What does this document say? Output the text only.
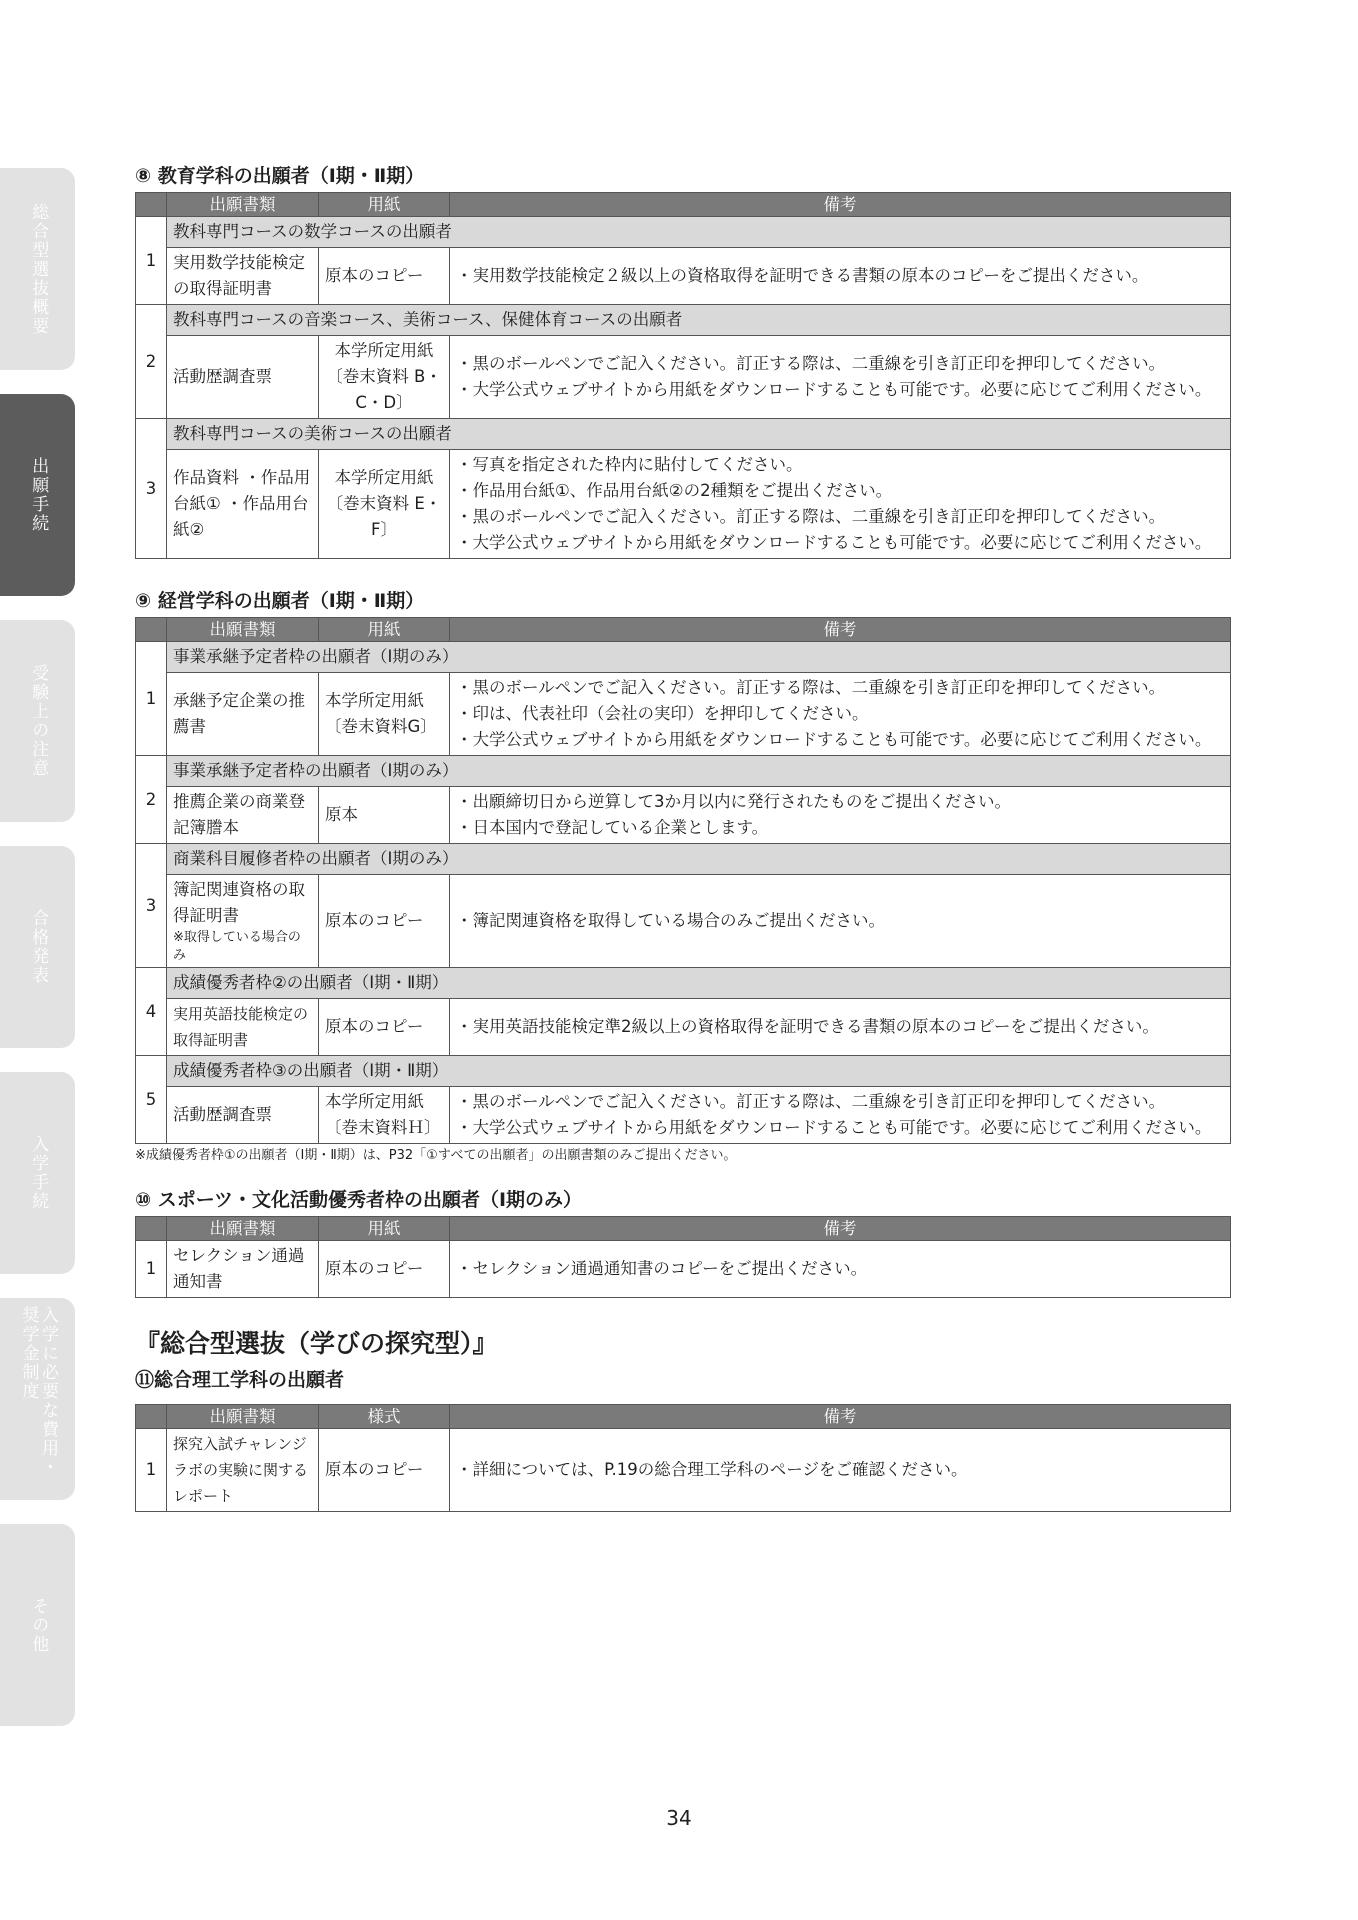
総合型選抜概要
出願手続
受験上の注意
合格発表
入学手続
入学に必要な費用・奨学金制度
その他
⑧ 教育学科の出願者（Ⅰ期・Ⅱ期）
	出願書類	用紙	備考
1	教科専門コースの数学コースの出願者		
	実用数学技能検定の取得証明書	原本のコピー	・実用数学技能検定２級以上の資格取得を証明できる書類の原本のコピーをご提出ください。

2	教科専門コースの音楽コース、美術コース、保健体育コースの出願者		
	活動歴調査票	本学所定用紙〔巻末資料 B・C・D〕	・黒のボールペンでご記入ください。訂正する際は、二重線を引き訂正印を押印してください。
・大学公式ウェブサイトから用紙をダウンロードすることも可能です。必要に応じてご利用ください。

3	教科専門コースの美術コースの出願者		
	作品資料 ・作品用台紙① ・作品用台紙②	本学所定用紙〔巻末資料 E・F〕	・写真を指定された枠内に貼付してください。
・作品用台紙①、作品用台紙②の2種類をご提出ください。
・黒のボールペンでご記入ください。訂正する際は、二重線を引き訂正印を押印してください。
・大学公式ウェブサイトから用紙をダウンロードすることも可能です。必要に応じてご利用ください。
⑨ 経営学科の出願者（Ⅰ期・Ⅱ期）
	出願書類	用紙	備考
1	事業承継予定者枠の出願者（Ⅰ期のみ）		
	承継予定企業の推薦書	本学所定用紙〔巻末資料G〕	・黒のボールペンでご記入ください。訂正する際は、二重線を引き訂正印を押印してください。
・印は、代表社印（会社の実印）を押印してください。
・大学公式ウェブサイトから用紙をダウンロードすることも可能です。必要に応じてご利用ください。

2	事業承継予定者枠の出願者（Ⅰ期のみ）		
	推薦企業の商業登記簿謄本	原本	・出願締切日から逆算して3か月以内に発行されたものをご提出ください。
・日本国内で登記している企業とします。

3	商業科目履修者枠の出願者（Ⅰ期のみ）		
	簿記関連資格の取得証明書
※取得している場合のみ	原本のコピー	・簿記関連資格を取得している場合のみご提出ください。

4	成績優秀者枠②の出願者（Ⅰ期・Ⅱ期）		
	実用英語技能検定の取得証明書	原本のコピー	・実用英語技能検定準2級以上の資格取得を証明できる書類の原本のコピーをご提出ください。

5	成績優秀者枠③の出願者（Ⅰ期・Ⅱ期）		
	活動歴調査票	本学所定用紙〔巻末資料Ｈ〕	・黒のボールペンでご記入ください。訂正する際は、二重線を引き訂正印を押印してください。
・大学公式ウェブサイトから用紙をダウンロードすることも可能です。必要に応じてご利用ください。

※成績優秀者枠①の出願者（Ⅰ期・Ⅱ期）は、P32「①すべての出願者」の出願書類のみご提出ください。

⑩ スポーツ・文化活動優秀者枠の出願者（Ⅰ期のみ）
	出願書類	用紙	備考
1	セレクション通過通知書	原本のコピー	・セレクション通過通知書のコピーをご提出ください。
『総合型選抜（学びの探究型）』
⑪総合理工学科の出願者
	出願書類	様式	備考
1	探究入試チャレンジラボの実験に関するレポート	原本のコピー	・詳細については、P.19の総合理工学科のページをご確認ください。
34
